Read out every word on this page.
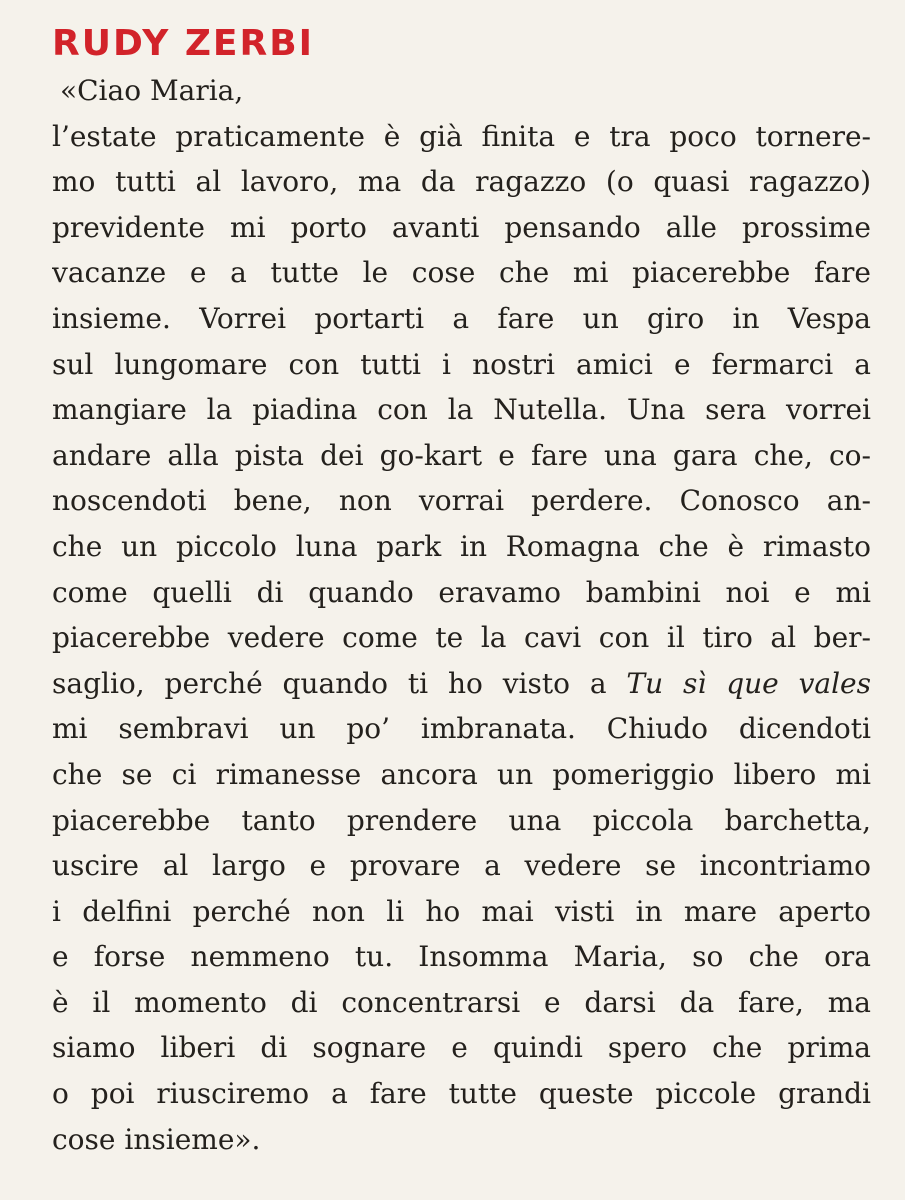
RUDY ZERBI
«Ciao Maria,
l’estate praticamente è già finita e tra poco tornere-
mo tutti al lavoro, ma da ragazzo (o quasi ragazzo)
previdente mi porto avanti pensando alle prossime
vacanze e a tutte le cose che mi piacerebbe fare
insieme. Vorrei portarti a fare un giro in Vespa
sul lungomare con tutti i nostri amici e fermarci a
mangiare la piadina con la Nutella. Una sera vorrei
andare alla pista dei go-kart e fare una gara che, co-
noscendoti bene, non vorrai perdere. Conosco an-
che un piccolo luna park in Romagna che è rimasto
come quelli di quando eravamo bambini noi e mi
piacerebbe vedere come te la cavi con il tiro al ber-
saglio, perché quando ti ho visto a Tu sì que vales
mi sembravi un po’ imbranata. Chiudo dicendoti
che se ci rimanesse ancora un pomeriggio libero mi
piacerebbe tanto prendere una piccola barchetta,
uscire al largo e provare a vedere se incontriamo
i delfini perché non li ho mai visti in mare aperto
e forse nemmeno tu. Insomma Maria, so che ora
è il momento di concentrarsi e darsi da fare, ma
siamo liberi di sognare e quindi spero che prima
o poi riusciremo a fare tutte queste piccole grandi
cose insieme».
